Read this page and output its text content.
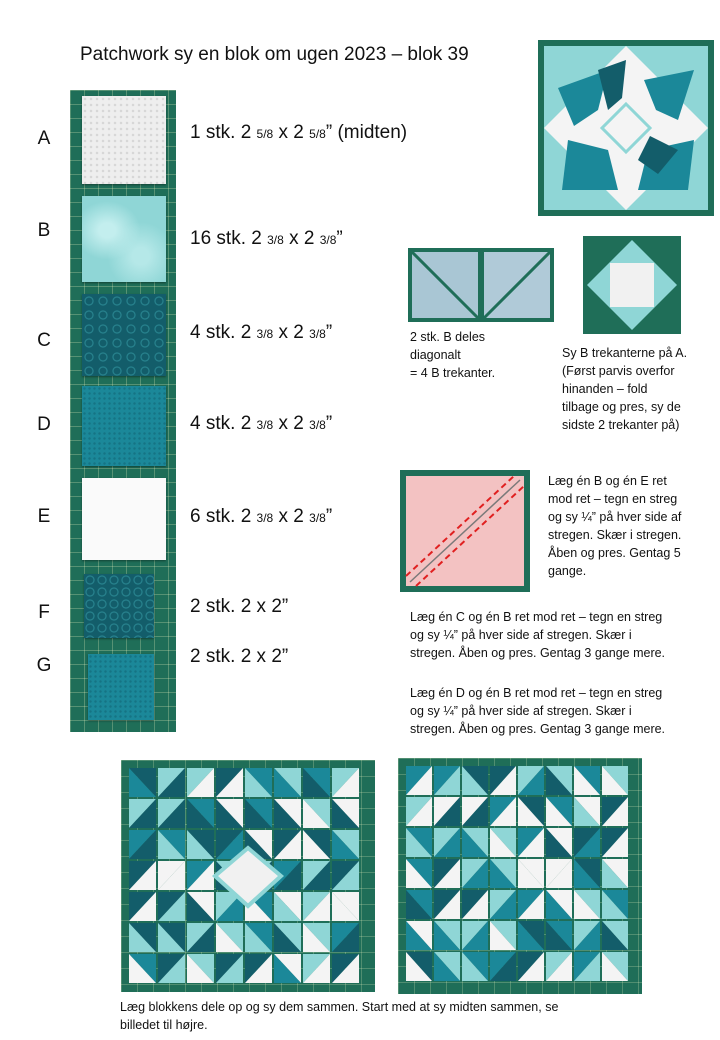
Patchwork sy en blok om ugen 2023 – blok 39
A
B
C
D
E
F
G
1 stk. 2 5/8 x 2 5/8” (midten)
16 stk. 2 3/8 x 2 3/8”
4 stk. 2 3/8 x 2 3/8”
4 stk. 2 3/8 x 2 3/8”
6 stk. 2 3/8 x 2 3/8”
2 stk. 2 x 2”
2 stk. 2 x 2”
2 stk. B deles
diagonalt
= 4 B trekanter.
Sy B trekanterne på A.
(Først parvis overfor
hinanden – fold
tilbage og pres, sy de
sidste 2 trekanter på)
Læg én B og én E ret
mod ret – tegn en streg
og sy ¼” på hver side af
stregen. Skær i stregen.
Åben og pres. Gentag 5
gange.
Læg én C og én B ret mod ret – tegn en streg
og sy ¼” på hver side af stregen. Skær i
stregen. Åben og pres. Gentag 3 gange mere.
Læg én D og én B ret mod ret – tegn en streg
og sy ¼” på hver side af stregen. Skær i
stregen. Åben og pres. Gentag 3 gange mere.
Læg blokkens dele op og sy dem sammen. Start med at sy midten sammen, se
billedet til højre.
